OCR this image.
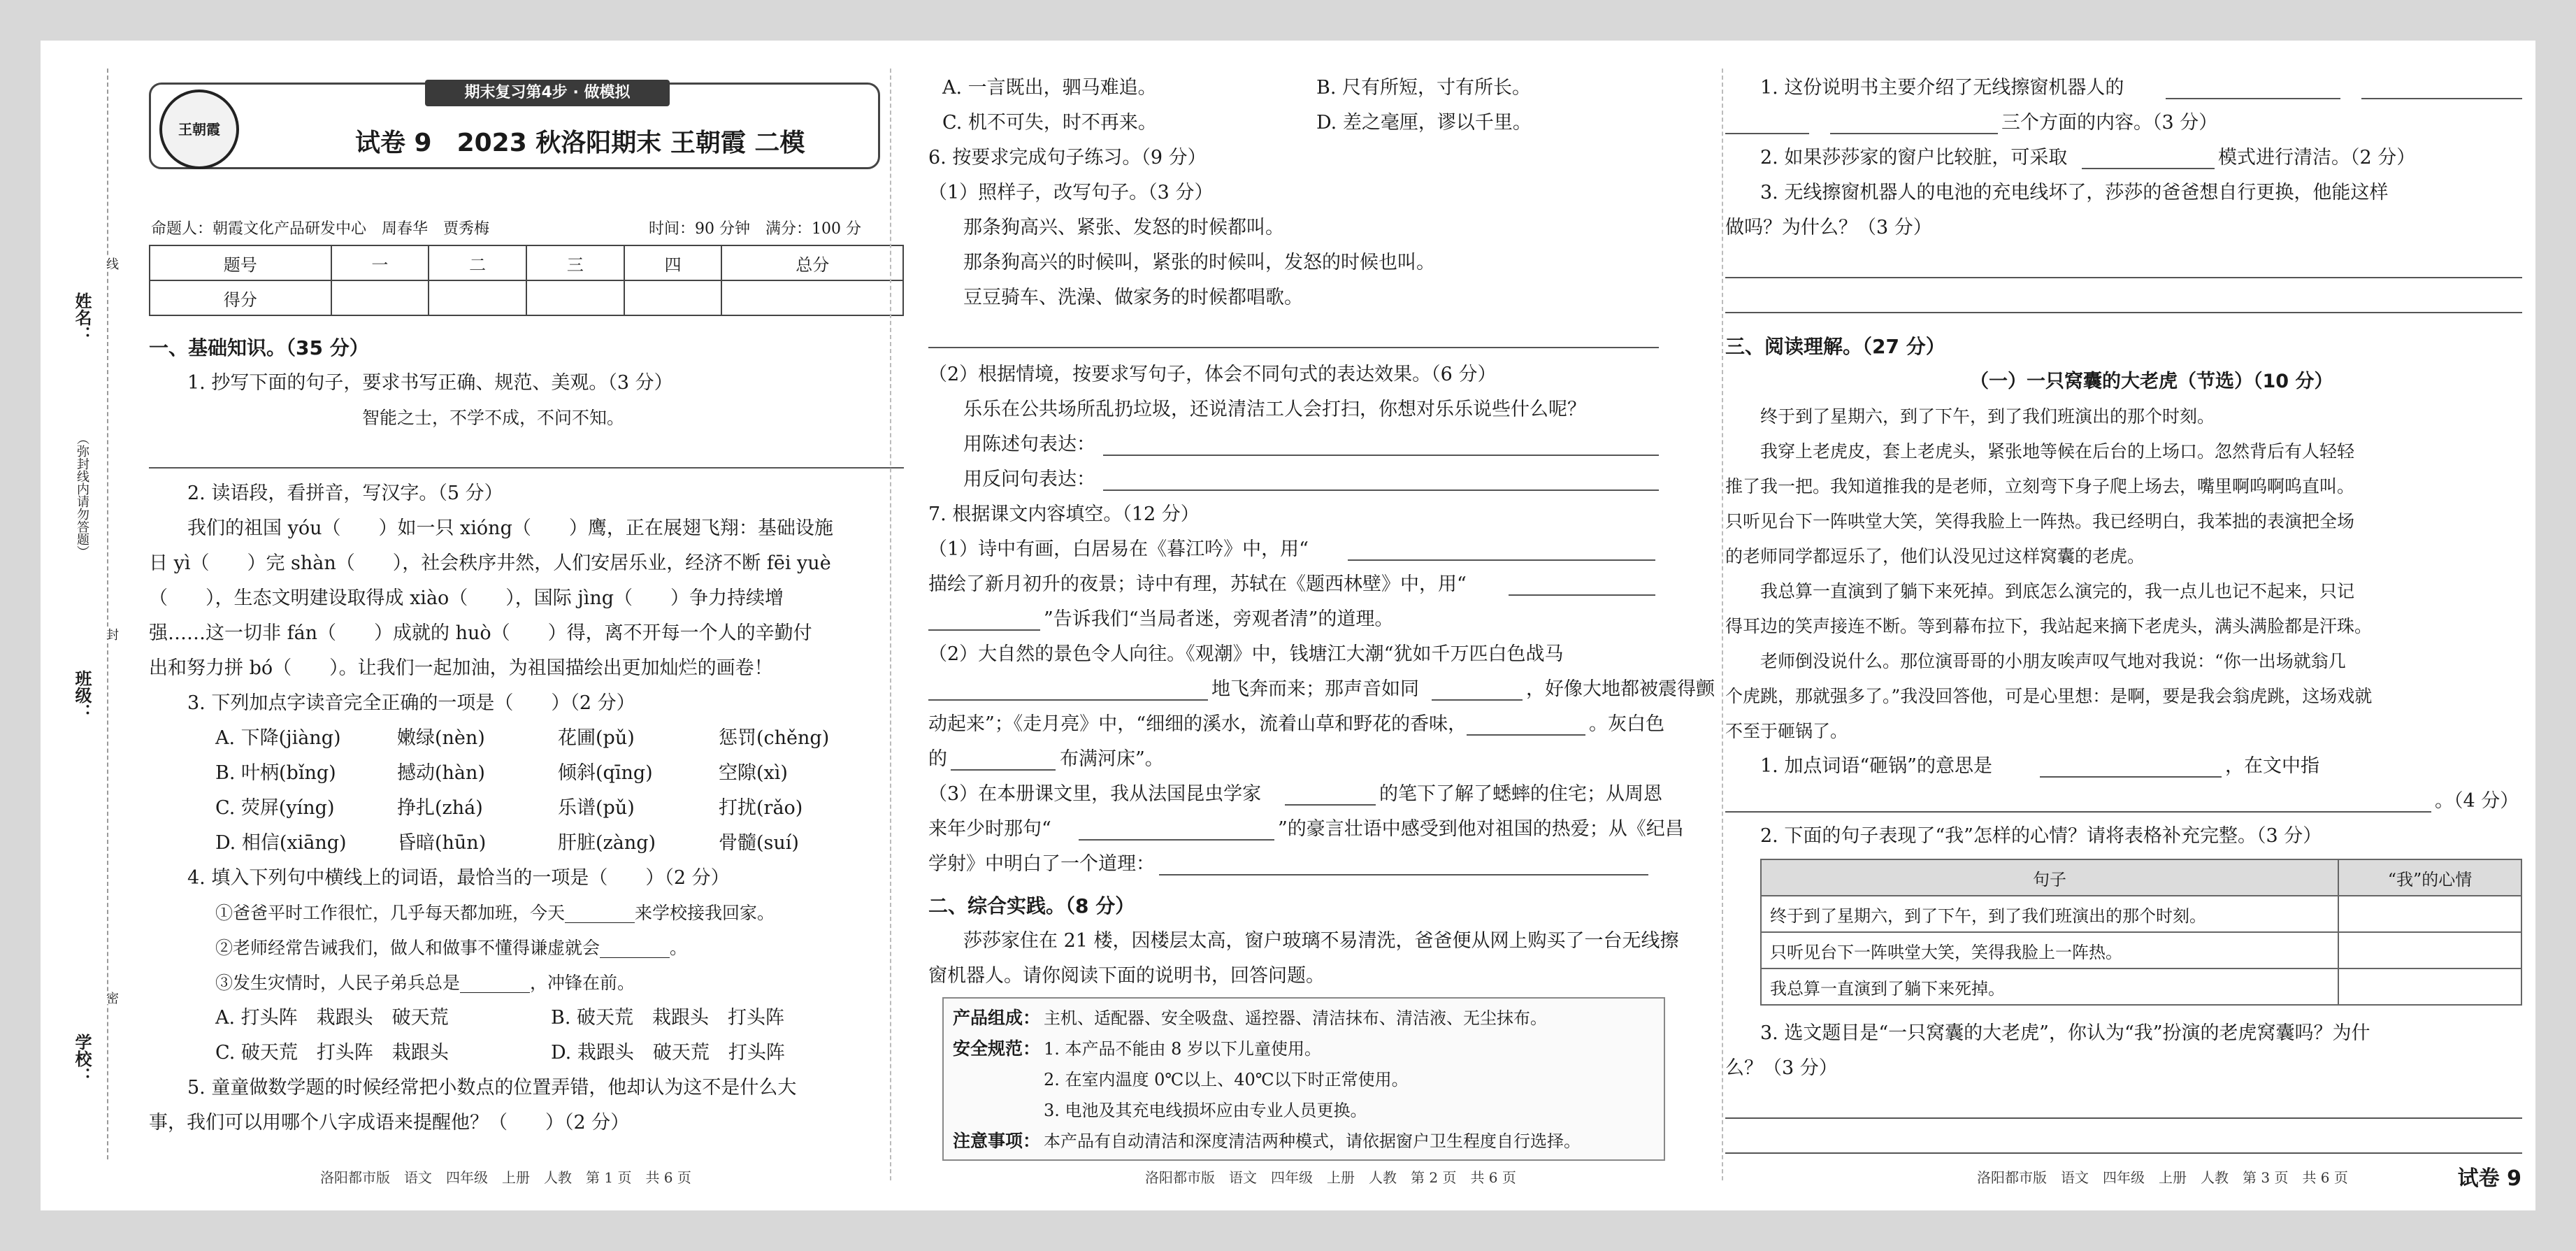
姓名：
（弥封线内请勿答题）
班级：
学校：
线
封
密
王朝霞
期末复习第4步 · 做模拟
试卷 9　2023 秋洛阳期末 王朝霞 二模
命题人：朝霞文化产品研发中心　周春华　贾秀梅	时间：90 分钟　满分：100 分
题号	一	二	三	四	总分
得分					
一、基础知识。（35 分）
1. 抄写下面的句子，要求书写正确、规范、美观。（3 分）
智能之士，不学不成，不问不知。
2. 读语段，看拼音，写汉字。（5 分）
我们的祖国 yóu（　　）如一只 xióng（　　）鹰，正在展翅飞翔：基础设施
日 yì（　　）完 shàn（　　），社会秩序井然，人们安居乐业，经济不断 fēi yuè
（　　），生态文明建设取得成 xiào（　　），国际 jìng（　　）争力持续增
强……这一切非 fán（　　）成就的 huò（　　）得，离不开每一个人的辛勤付
出和努力拼 bó（　　）。让我们一起加油，为祖国描绘出更加灿烂的画卷！
3. 下列加点字读音完全正确的一项是（　　）（2 分）
A. 下降(jiàng)	嫩绿(nèn)	花圃(pǔ)	惩罚(chěng)
B. 叶柄(bǐng)	撼动(hàn)	倾斜(qīng)	空隙(xì)
C. 荧屏(yíng)	挣扎(zhá)	乐谱(pǔ)	打扰(rǎo)
D. 相信(xiāng)	昏暗(hūn)	肝脏(zàng)	骨髓(suí)
4. 填入下列句中横线上的词语，最恰当的一项是（　　）（2 分）
①爸爸平时工作很忙，几乎每天都加班，今天________来学校接我回家。
②老师经常告诫我们，做人和做事不懂得谦虚就会________。
③发生灾情时，人民子弟兵总是________，冲锋在前。
A. 打头阵　栽跟头　破天荒	B. 破天荒　栽跟头　打头阵
C. 破天荒　打头阵　栽跟头	D. 栽跟头　破天荒　打头阵
5. 童童做数学题的时候经常把小数点的位置弄错，他却认为这不是什么大
事，我们可以用哪个八字成语来提醒他？（　　）（2 分）
洛阳都市版　语文　四年级　上册　人教　第 1 页　共 6 页
A. 一言既出，驷马难追。	B. 尺有所短，寸有所长。
C. 机不可失，时不再来。	D. 差之毫厘，谬以千里。
6. 按要求完成句子练习。（9 分）
（1）照样子，改写句子。（3 分）
那条狗高兴、紧张、发怒的时候都叫。
那条狗高兴的时候叫，紧张的时候叫，发怒的时候也叫。
豆豆骑车、洗澡、做家务的时候都唱歌。
（2）根据情境，按要求写句子，体会不同句式的表达效果。（6 分）
乐乐在公共场所乱扔垃圾，还说清洁工人会打扫，你想对乐乐说些什么呢？
用陈述句表达：
用反问句表达：
7. 根据课文内容填空。（12 分）
（1）诗中有画，白居易在《暮江吟》中，用“
描绘了新月初升的夜景；诗中有理，苏轼在《题西林壁》中，用“
”告诉我们“当局者迷，旁观者清”的道理。
（2）大自然的景色令人向往。《观潮》中，钱塘江大潮“犹如千万匹白色战马
地飞奔而来；那声音如同	，好像大地都被震得颤
动起来”；《走月亮》中，“细细的溪水，流着山草和野花的香味，	。灰白色
的	布满河床”。
（3）在本册课文里，我从法国昆虫学家	的笔下了解了蟋蟀的住宅；从周恩
来年少时那句“	”的豪言壮语中感受到他对祖国的热爱；从《纪昌
学射》中明白了一个道理：
二、综合实践。（8 分）
莎莎家住在 21 楼，因楼层太高，窗户玻璃不易清洗，爸爸便从网上购买了一台无线擦
窗机器人。请你阅读下面的说明书，回答问题。
产品组成： 主机、适配器、安全吸盘、遥控器、清洁抹布、清洁液、无尘抹布。
安全规范： 1. 本产品不能由 8 岁以下儿童使用。
2. 在室内温度 0℃以上、40℃以下时正常使用。
3. 电池及其充电线损坏应由专业人员更换。
注意事项： 本产品有自动清洁和深度清洁两种模式，请依据窗户卫生程度自行选择。
洛阳都市版　语文　四年级　上册　人教　第 2 页　共 6 页
1. 这份说明书主要介绍了无线擦窗机器人的
三个方面的内容。（3 分）
2. 如果莎莎家的窗户比较脏，可采取	模式进行清洁。（2 分）
3. 无线擦窗机器人的电池的充电线坏了，莎莎的爸爸想自行更换，他能这样
做吗？为什么？（3 分）
三、阅读理解。（27 分）
（一）一只窝囊的大老虎（节选）（10 分）
终于到了星期六，到了下午，到了我们班演出的那个时刻。
我穿上老虎皮，套上老虎头，紧张地等候在后台的上场口。忽然背后有人轻轻
推了我一把。我知道推我的是老师，立刻弯下身子爬上场去，嘴里啊呜啊呜直叫。
只听见台下一阵哄堂大笑，笑得我脸上一阵热。我已经明白，我苯拙的表演把全场
的老师同学都逗乐了，他们认没见过这样窝囊的老虎。
我总算一直演到了躺下来死掉。到底怎么演完的，我一点儿也记不起来，只记
得耳边的笑声接连不断。等到幕布拉下，我站起来摘下老虎头，满头满脸都是汗珠。
老师倒没说什么。那位演哥哥的小朋友唉声叹气地对我说：“你一出场就翁几
个虎跳，那就强多了。”我没回答他，可是心里想：是啊，要是我会翁虎跳，这场戏就
不至于砸锅了。
1. 加点词语“砸锅”的意思是	，在文中指
。（4 分）
2. 下面的句子表现了“我”怎样的心情？请将表格补充完整。（3 分）
句子	“我”的心情
终于到了星期六，到了下午，到了我们班演出的那个时刻。	
只听见台下一阵哄堂大笑，笑得我脸上一阵热。	
我总算一直演到了躺下来死掉。	
3. 选文题目是“一只窝囊的大老虎”，你认为“我”扮演的老虎窝囊吗？为什
么？（3 分）
洛阳都市版　语文　四年级　上册　人教　第 3 页　共 6 页	试卷 9
